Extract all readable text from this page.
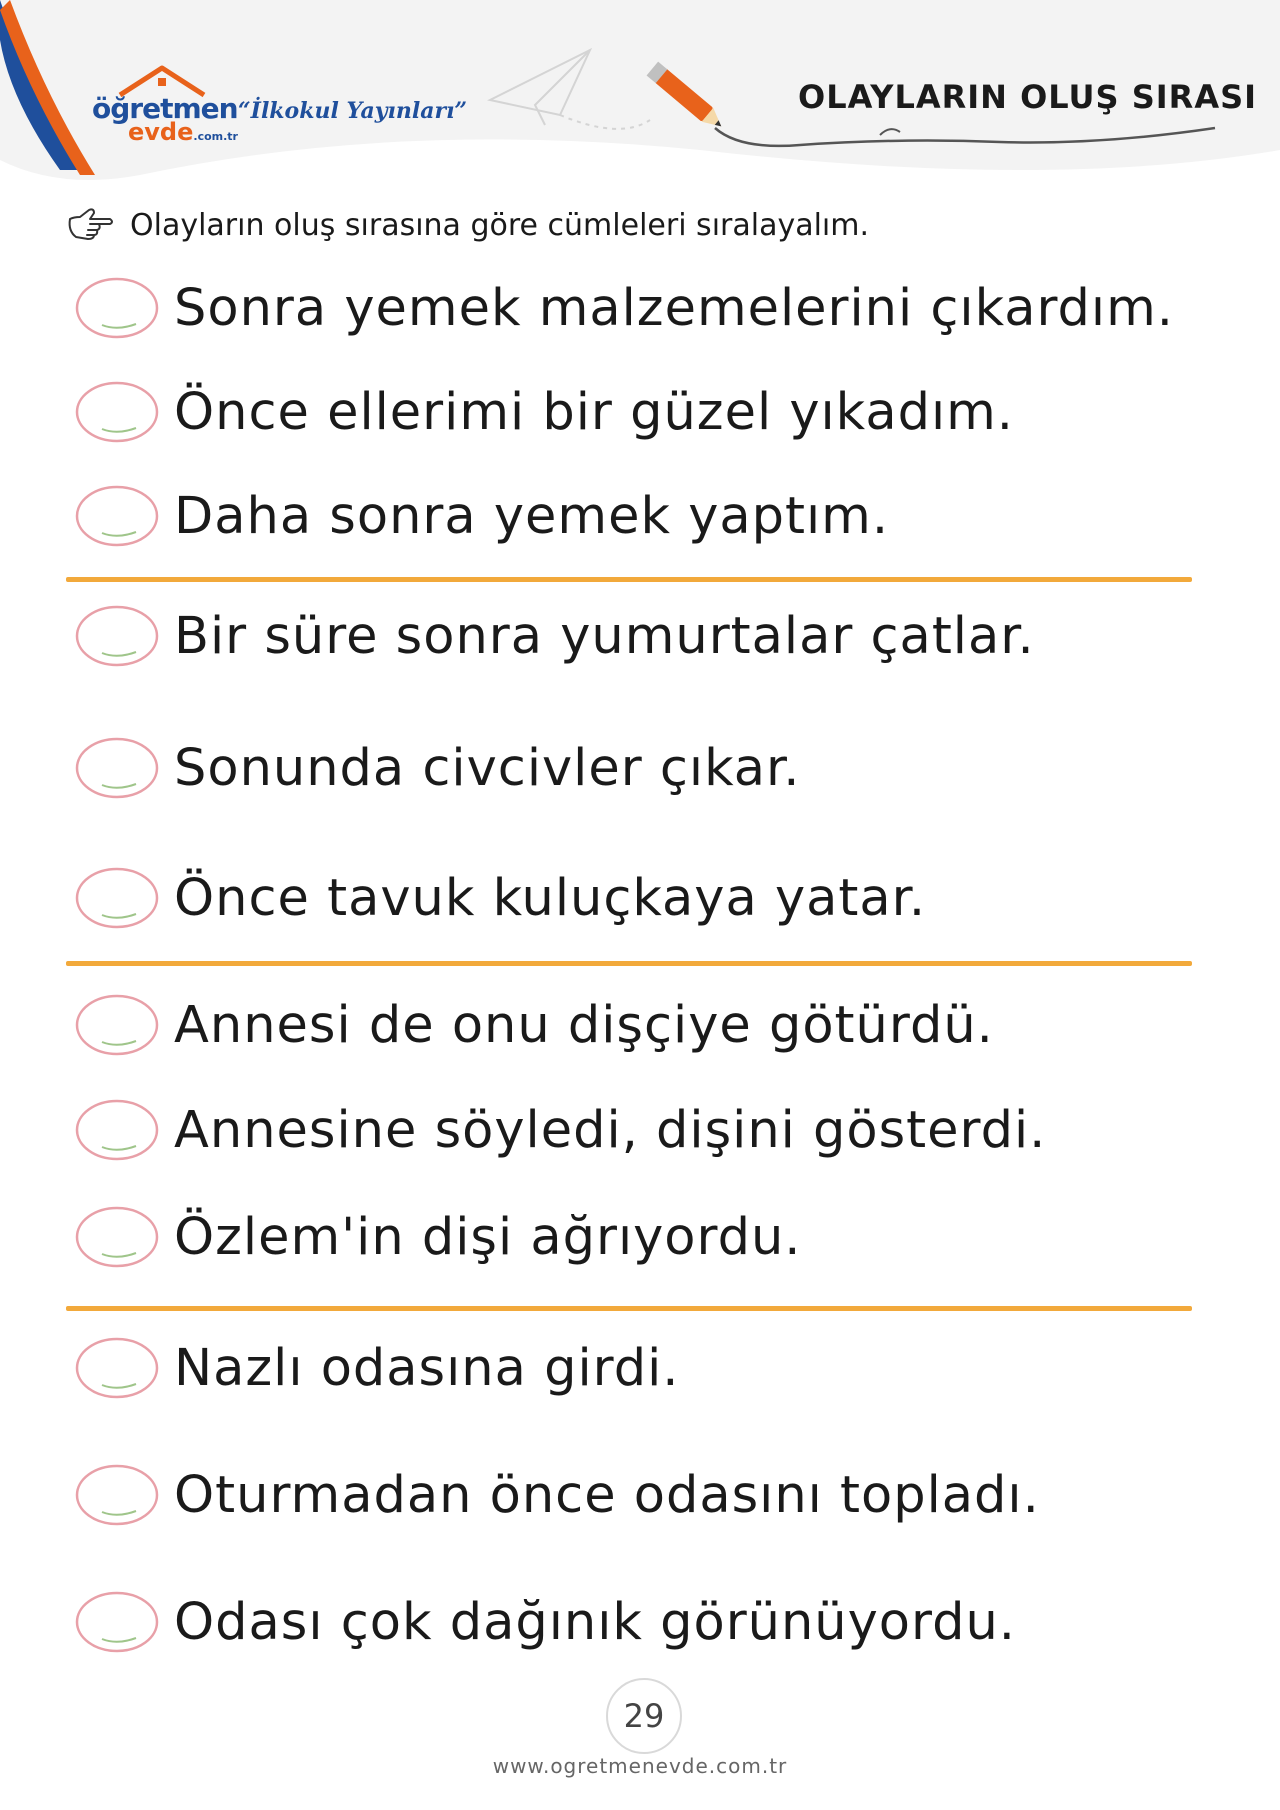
öğretmen
evde.com.tr
“İlkokul Yayınları”	OLAYLARIN OLUŞ SIRASI
Olayların oluş sırasına göre cümleleri sıralayalım.
Sonra yemek malzemelerini çıkardım.
Önce ellerimi bir güzel yıkadım.
Daha sonra yemek yaptım.
Bir süre sonra yumurtalar çatlar.
Sonunda civcivler çıkar.
Önce tavuk kuluçkaya yatar.
Annesi de onu dişçiye götürdü.
Annesine söyledi, dişini gösterdi.
Özlem'in dişi ağrıyordu.
Nazlı odasına girdi.
Oturmadan önce odasını topladı.
Odası çok dağınık görünüyordu.
29
www.ogretmenevde.com.tr
